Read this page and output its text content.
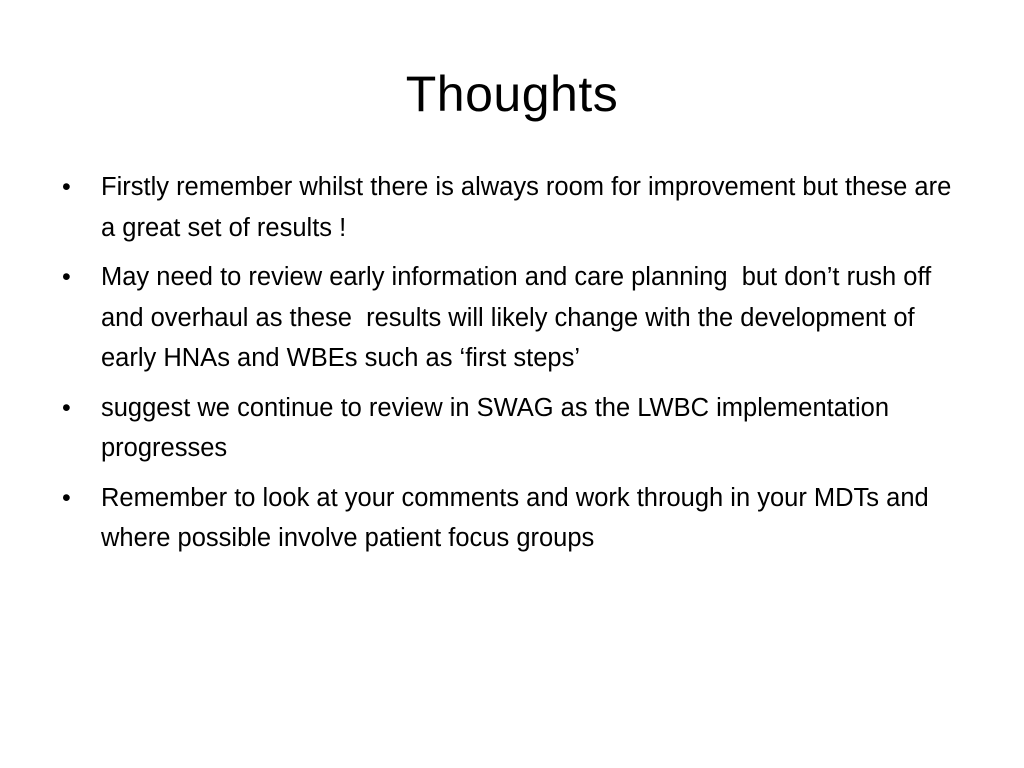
Thoughts
•	Firstly remember whilst there is always room for improvement but these are a great set of results !
•	May need to review early information and care planning  but don’t rush off and overhaul as these  results will likely change with the development of early HNAs and WBEs such as ‘first steps’
•	suggest we continue to review in SWAG as the LWBC implementation  progresses
•	Remember to look at your comments and work through in your MDTs and where possible involve patient focus groups
